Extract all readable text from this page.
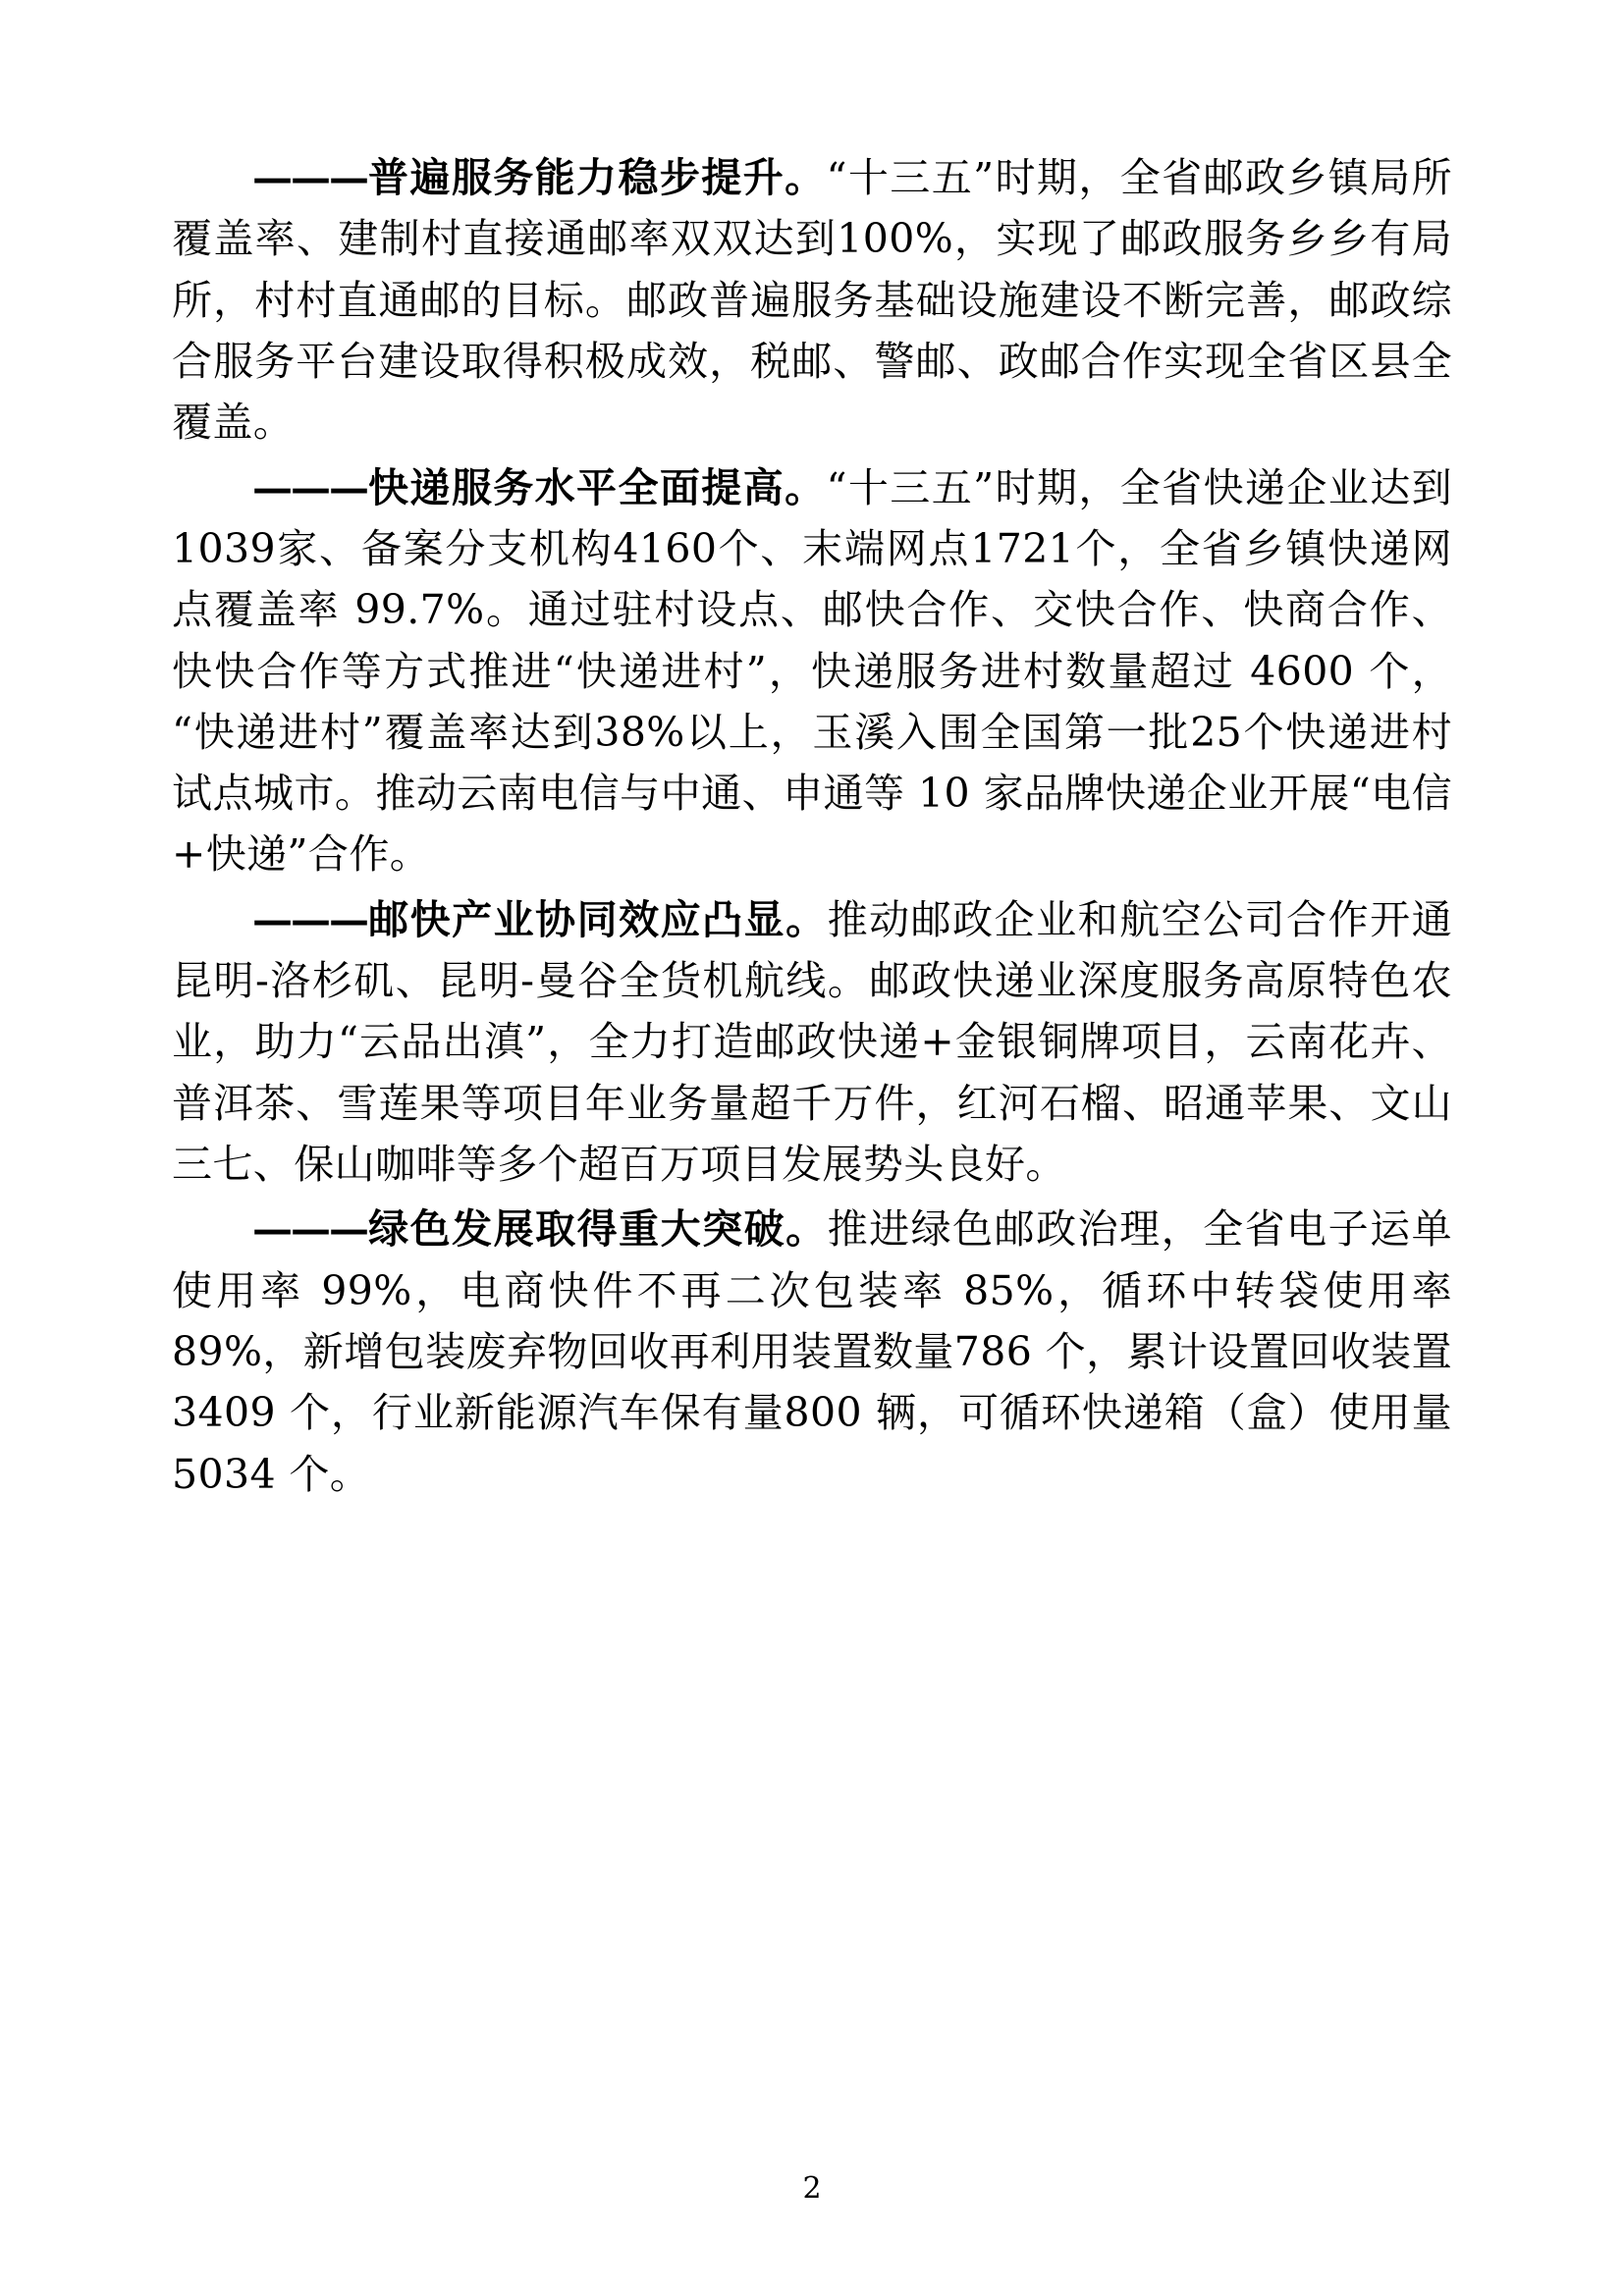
———普遍服务能力稳步提升。“十三五”时期，全省邮政乡镇局所覆盖率、建制村直接通邮率双双达到100%，实现了邮政服务乡乡有局所，村村直通邮的目标。邮政普遍服务基础设施建设不断完善，邮政综合服务平台建设取得积极成效，税邮、警邮、政邮合作实现全省区县全覆盖。

———快递服务水平全面提高。“十三五”时期，全省快递企业达到1039家、备案分支机构4160个、末端网点1721个，全省乡镇快递网点覆盖率 99.7%。通过驻村设点、邮快合作、交快合作、快商合作、快快合作等方式推进“快递进村”，快递服务进村数量超过 4600 个，“快递进村”覆盖率达到38%以上，玉溪入围全国第一批25个快递进村试点城市。推动云南电信与中通、申通等 10 家品牌快递企业开展“电信+快递”合作。

———邮快产业协同效应凸显。推动邮政企业和航空公司合作开通昆明-洛杉矶、昆明-曼谷全货机航线。邮政快递业深度服务高原特色农业，助力“云品出滇”，全力打造邮政快递+金银铜牌项目，云南花卉、普洱茶、雪莲果等项目年业务量超千万件，红河石榴、昭通苹果、文山三七、保山咖啡等多个超百万项目发展势头良好。

———绿色发展取得重大突破。推进绿色邮政治理，全省电子运单使用率 99%，电商快件不再二次包装率 85%，循环中转袋使用率 89%，新增包装废弃物回收再利用装置数量786 个，累计设置回收装置3409 个，行业新能源汽车保有量800 辆，可循环快递箱（盒）使用量5034 个。

2
